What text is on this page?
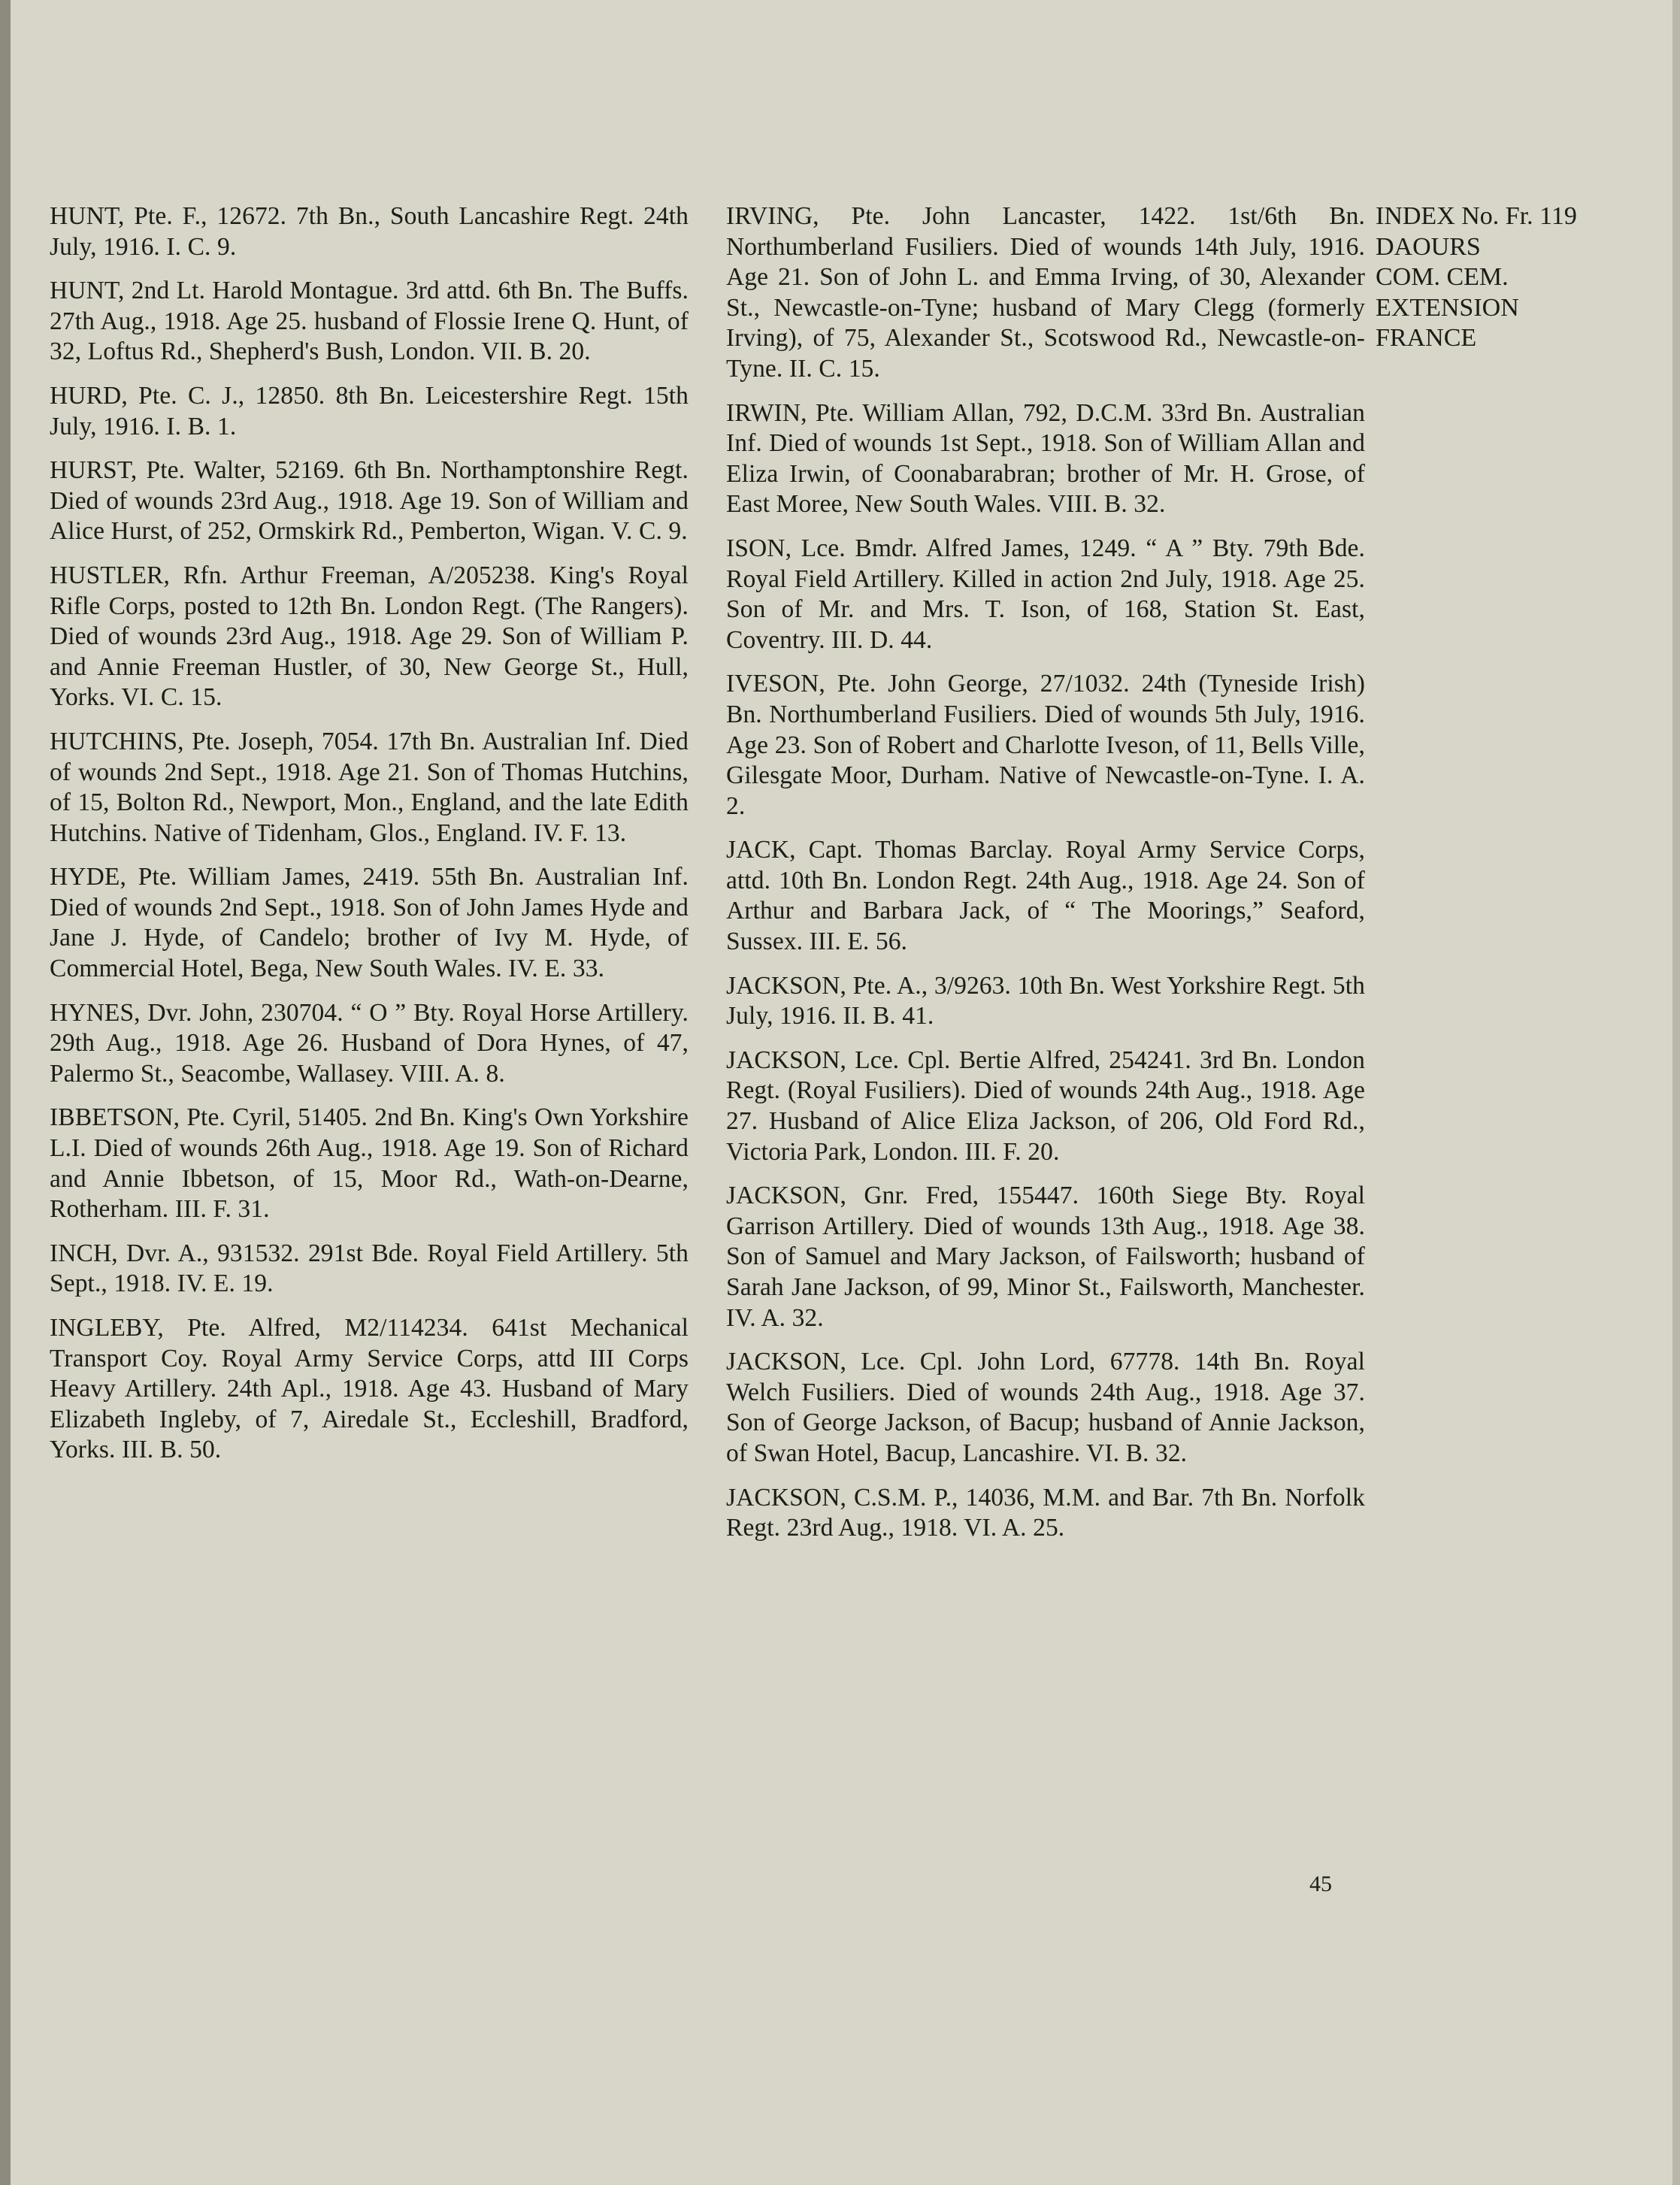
HUNT, Pte. F., 12672. 7th Bn., South Lancashire Regt. 24th July, 1916. I. C. 9.

HUNT, 2nd Lt. Harold Montague. 3rd attd. 6th Bn. The Buffs. 27th Aug., 1918. Age 25. husband of Flossie Irene Q. Hunt, of 32, Loftus Rd., Shepherd's Bush, London. VII. B. 20.

HURD, Pte. C. J., 12850. 8th Bn. Leicestershire Regt. 15th July, 1916. I. B. 1.

HURST, Pte. Walter, 52169. 6th Bn. Northamptonshire Regt. Died of wounds 23rd Aug., 1918. Age 19. Son of William and Alice Hurst, of 252, Ormskirk Rd., Pemberton, Wigan. V. C. 9.

HUSTLER, Rfn. Arthur Freeman, A/205238. King's Royal Rifle Corps, posted to 12th Bn. London Regt. (The Rangers). Died of wounds 23rd Aug., 1918. Age 29. Son of William P. and Annie Freeman Hustler, of 30, New George St., Hull, Yorks. VI. C. 15.

HUTCHINS, Pte. Joseph, 7054. 17th Bn. Australian Inf. Died of wounds 2nd Sept., 1918. Age 21. Son of Thomas Hutchins, of 15, Bolton Rd., Newport, Mon., England, and the late Edith Hutchins. Native of Tidenham, Glos., England. IV. F. 13.

HYDE, Pte. William James, 2419. 55th Bn. Australian Inf. Died of wounds 2nd Sept., 1918. Son of John James Hyde and Jane J. Hyde, of Candelo; brother of Ivy M. Hyde, of Commercial Hotel, Bega, New South Wales. IV. E. 33.

HYNES, Dvr. John, 230704. “ O ” Bty. Royal Horse Artillery. 29th Aug., 1918. Age 26. Husband of Dora Hynes, of 47, Palermo St., Seacombe, Wallasey. VIII. A. 8.

IBBETSON, Pte. Cyril, 51405. 2nd Bn. King's Own Yorkshire L.I. Died of wounds 26th Aug., 1918. Age 19. Son of Richard and Annie Ibbetson, of 15, Moor Rd., Wath-on-Dearne, Rotherham. III. F. 31.

INCH, Dvr. A., 931532. 291st Bde. Royal Field Artillery. 5th Sept., 1918. IV. E. 19.

INGLEBY, Pte. Alfred, M2/114234. 641st Mechanical Transport Coy. Royal Army Service Corps, attd III Corps Heavy Artillery. 24th Apl., 1918. Age 43. Husband of Mary Elizabeth Ingleby, of 7, Airedale St., Eccleshill, Bradford, Yorks. III. B. 50.

IRVING, Pte. John Lancaster, 1422. 1st/6th Bn. Northumberland Fusiliers. Died of wounds 14th July, 1916. Age 21. Son of John L. and Emma Irving, of 30, Alexander St., Newcastle-on-Tyne; husband of Mary Clegg (formerly Irving), of 75, Alexander St., Scotswood Rd., Newcastle-on-Tyne. II. C. 15.

IRWIN, Pte. William Allan, 792, D.C.M. 33rd Bn. Australian Inf. Died of wounds 1st Sept., 1918. Son of William Allan and Eliza Irwin, of Coonabarabran; brother of Mr. H. Grose, of East Moree, New South Wales. VIII. B. 32.

ISON, Lce. Bmdr. Alfred James, 1249. “ A ” Bty. 79th Bde. Royal Field Artillery. Killed in action 2nd July, 1918. Age 25. Son of Mr. and Mrs. T. Ison, of 168, Station St. East, Coventry. III. D. 44.

IVESON, Pte. John George, 27/1032. 24th (Tyneside Irish) Bn. Northumberland Fusiliers. Died of wounds 5th July, 1916. Age 23. Son of Robert and Charlotte Iveson, of 11, Bells Ville, Gilesgate Moor, Durham. Native of Newcastle-on-Tyne. I. A. 2.

JACK, Capt. Thomas Barclay. Royal Army Service Corps, attd. 10th Bn. London Regt. 24th Aug., 1918. Age 24. Son of Arthur and Barbara Jack, of “ The Moorings,” Seaford, Sussex. III. E. 56.

JACKSON, Pte. A., 3/9263. 10th Bn. West Yorkshire Regt. 5th July, 1916. II. B. 41.

JACKSON, Lce. Cpl. Bertie Alfred, 254241. 3rd Bn. London Regt. (Royal Fusiliers). Died of wounds 24th Aug., 1918. Age 27. Husband of Alice Eliza Jackson, of 206, Old Ford Rd., Victoria Park, London. III. F. 20.

JACKSON, Gnr. Fred, 155447. 160th Siege Bty. Royal Garrison Artillery. Died of wounds 13th Aug., 1918. Age 38. Son of Samuel and Mary Jackson, of Failsworth; husband of Sarah Jane Jackson, of 99, Minor St., Failsworth, Manchester. IV. A. 32.

JACKSON, Lce. Cpl. John Lord, 67778. 14th Bn. Royal Welch Fusiliers. Died of wounds 24th Aug., 1918. Age 37. Son of George Jackson, of Bacup; husband of Annie Jackson, of Swan Hotel, Bacup, Lancashire. VI. B. 32.

JACKSON, C.S.M. P., 14036, M.M. and Bar. 7th Bn. Norfolk Regt. 23rd Aug., 1918. VI. A. 25.

INDEX No. Fr. 119
DAOURS
COM. CEM.
EXTENSION
FRANCE
45
